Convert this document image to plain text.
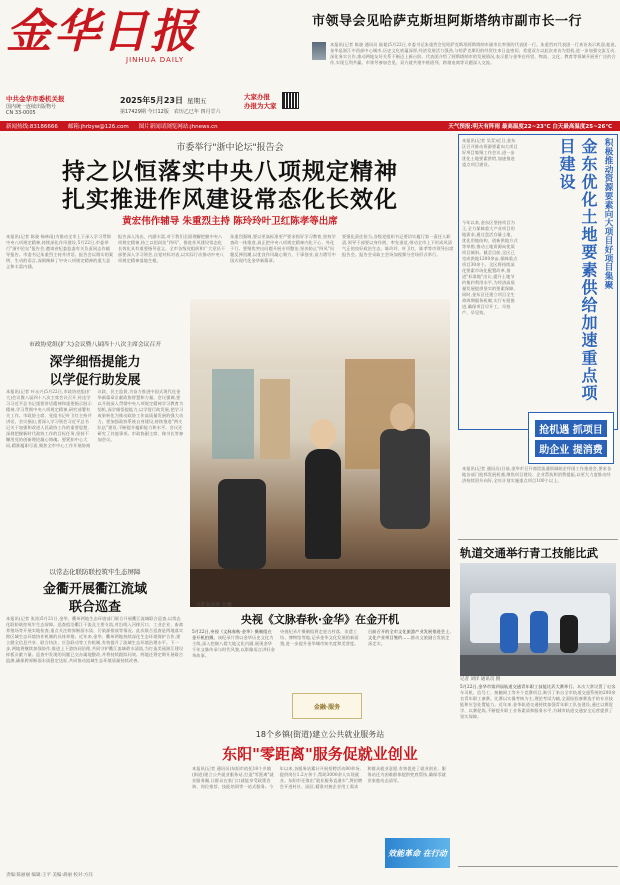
金华日报
JINHUA DAILY
中共金华市委机关报
国内统一连续出版物号
CN 33-0005
2025年5月23日 星期五
第17429期 今日12版 农历乙巳年 四月廿六
大家办报
办报为大家
市领导会见哈萨克斯坦阿斯塔纳市副市长一行
本报讯(记者 陈骁 通讯员 陆韬)5月22日,市委书记朱重烈会见哈萨克斯坦阿斯塔纳市副市长率领的代表团一行。朱重烈对代表团一行来访表示欢迎,他说,金华是浙江中西部中心城市,历史文化底蕴深厚,经济发展活力强劲,与哈萨克斯坦的经贸往来日益密切。希望双方以此次来访为契机,进一步加强交流互动,深化务实合作,推动两地友好关系不断迈上新台阶。代表团介绍了阿斯塔纳市的发展情况,表示愿与金华在经贸、物流、文化、教育等领域开展更广泛的合作,实现互利共赢。市领导参加会见。双方就共建中欧班列、跨境电商等议题深入交流。
新闻热线:83186666 邮箱:jhrbyw@126.com 图片新闻请浏览网站:jhnews.cn	天气预报:明天有阵雨 最高温度22~23℃ 白天最高温度25~26℃
市委举行"浙中论坛"报告会
持之以恒落实中央八项规定精神
扎实推进作风建设常态化长效化
黄宏伟作辅导 朱重烈主持 陈玲玲叶卫红陈孝等出席
本报讯(记者 陈骁 杨林雨)为推动全市上下深入学习贯彻中央八项规定精神,持续深化作风建设,5月22日,市委举行"浙中论坛"报告会,邀请省纪委监委有关负责同志作辅导报告。市委书记朱重烈主持并讲话。报告会以翔实的案例、生动的语言,深刻阐释了中央八项规定精神的重大意义和丰富内涵。
报告深入浅出、内涵丰富,对于我们全面理解把握中央八项规定精神,持之以恒纠治"四风"、推进作风建设常态化长效化具有重要指导意义。全市各级党组织和广大党员干部要深入学习领会,自觉对标对表,以实际行动推动中央八项规定精神落地生根。
朱重烈强调,要以更高标准更严要求抓好学习教育,坚持学查改一体推进,真正把中央八项规定精神内化于心、外化于行。要聚焦突出问题开展专项整治,坚决防止"四风"问题反弹回潮,以优良作风凝心聚力、干事创业,奋力谱写中国式现代化金华新篇章。
要强化责任担当,各级党组织书记要切实履行第一责任人职责,领导干部要以身作则、率先垂范,带动全市上下形成风清气正的良好政治生态。陈玲玲、叶卫红、陈孝等市领导出席报告会。报告会采取主会场加视频分会场形式举行。
市政协党组(扩大)会议暨八届四十八次主席会议召开
深学细悟提能力
以学促行助发展
本报讯(记者 叶永兴)5月22日,市政协党组(扩大)会议暨八届四十八次主席会议召开,传达学习习近平总书记重要讲话精神和重要指示批示精神,学习贯彻中央八项规定精神,研究部署有关工作。市政协主席、党组书记叶卫红主持并讲话。会议指出,要深入学习领会习近平总书记关于加强和改进人民政协工作的重要思想,深刻把握新时代政协工作的目标任务,坚持不懈用党的创新理论凝心铸魂。要紧扣中心大局,精准履职尽责,聚焦全市中心工作开展协商议政、民主监督,为奋力推进中国式现代化金华新篇章贡献政协智慧和力量。会议强调,要以开展深入贯彻中央八项规定精神学习教育为契机,深学细悟提能力,以学促行助发展,把学习成果转化为推动政协工作高质量发展的强大动力。要加强政协系统自身建设,持续推进"两支队伍"建设,不断提升履职能力和水平。会议还研究了其他事项。市政协副主席、秘书长等参加会议。
以常态化联防联控筑牢生态屏障
金衢开展衢江流域
联合巡查
本报讯(记者 张涛)5月21日,金华、衢州两地生态环境部门联合开展衢江流域联合巡查,以常态化联防联控筑牢生态屏障。巡查组沿衢江干流及主要支流,对沿线入河排污口、工业企业、畜禽养殖场等开展实地检查,重点关注跨界断面水质、污染源排放等情况。此次联合巡查是两地落实跨区域生态环境协作机制的具体举措。近年来,金华、衢州两地持续深化生态环境保护合作,建立健全信息共享、联合执法、应急联动等工作机制,有效提升了流域生态环境治理水平。下一步,两地将继续加强协作,推进上下游协同治理,共同守护衢江流域碧水清流,为打造美丽浙江建设样板贡献力量。巡查中发现的问题已交办属地整改,并将持续跟踪问效。两地还将定期开展联合监测,确保跨界断面水质稳定达标,共同推动流域生态环境质量持续改善。
责编:陈丽丽 编辑:王平 美编:胡丽 校对:方珏
记者 阮添琦 文/摄
央视《文脉春秋·金华》在金开机
5月22日,央视《文脉春秋·金华》摄制组在金开机拍摄。该纪录片将以金华历史文化为主线,深入挖掘八婺大地文化内涵,展现金华千年文脉传承与时代风貌,以影像语言讲好金华故事。
央视纪录片摄制组将走进古村落、非遗工坊、博物馆等地,记录金华文化发展的新面貌,进一步提升金华城市知名度和美誉度。
日前召开的全市文化旅游产业发展推进会上,文化产业项目签约……推动文旅融合发展走深走实。
金融·服务
18个乡镇(街道)建立公共就业服务站
东阳"零距离"服务促就业创业
本报讯(记者 通讯员)东阳市依托18个乡镇(街道)建立公共就业服务站,打造"零距离"就业服务圈,让群众在家门口就能享受政策咨询、岗位推荐、技能培训等一站式服务。今年以来,各服务站累计开展招聘活动80余场,提供岗位1.2万余个,帮助3000余人实现就业。东阳市还推出"就业服务直通车",将招聘会开进村社、园区,精准对接企业用工需求和群众就业意愿,有效促进了就业创业。服务站还为困难群体提供兜底帮扶,确保零就业家庭动态清零。
效能革命 在行动
本报讯(记者 吴青)近日,金东区召开推动资源要素向大项目好项目集聚工作会议,进一步优化土地要素供给,加速推进重点项目建设。	积极推动资源要素向大项目好项目集聚
金东优化土地要素供给加速重点项目建设
今年以来,金东区坚持项目为王,全力保障重大产业项目用地需求,通过盘活存量土地、优化用地结构、创新供地方式等举措,推动土地资源向优质项目倾斜。截至目前,全区已完成供地1200余亩,保障重点项目30余个。全区将持续深化要素市场化配置改革,推进"标准地"出让,提升土地节约集约利用水平,为经济高质量发展提供坚实的要素保障。同时,金东区还建立项目全生命周期服务机制,实行专班推进,确保项目早开工、早投产、早见效。
抢机遇 抓项目
助企业 提消费
本报讯(记者 通讯员)日前,金华市召开商贸流通领域助企纾困工作推进会,要求各地各部门抢抓发展机遇,聚焦项目建设、企业帮扶和消费提振,以更大力度推动经济持续回升向好,全年计划实施重点项目100个以上。
轨道交通举行青工技能比武
记者 刘洋 通讯员 摄
5月22日,金华市第四届轨道交通青年职工技能比武大赛举行。本次大赛设置了电客车司机、信号工、接触网工等多个竞赛项目,吸引了来自全市轨道交通系统的200余名青年职工参赛。比赛以实操考核为主,理论考试为辅,全面检验参赛选手的专业技能和应急处置能力。近年来,金华轨道交通持续加强青年职工队伍建设,通过以赛促学、以赛促练,不断提升职工业务素质和服务水平,为城市轨道交通安全运营提供了坚实保障。
